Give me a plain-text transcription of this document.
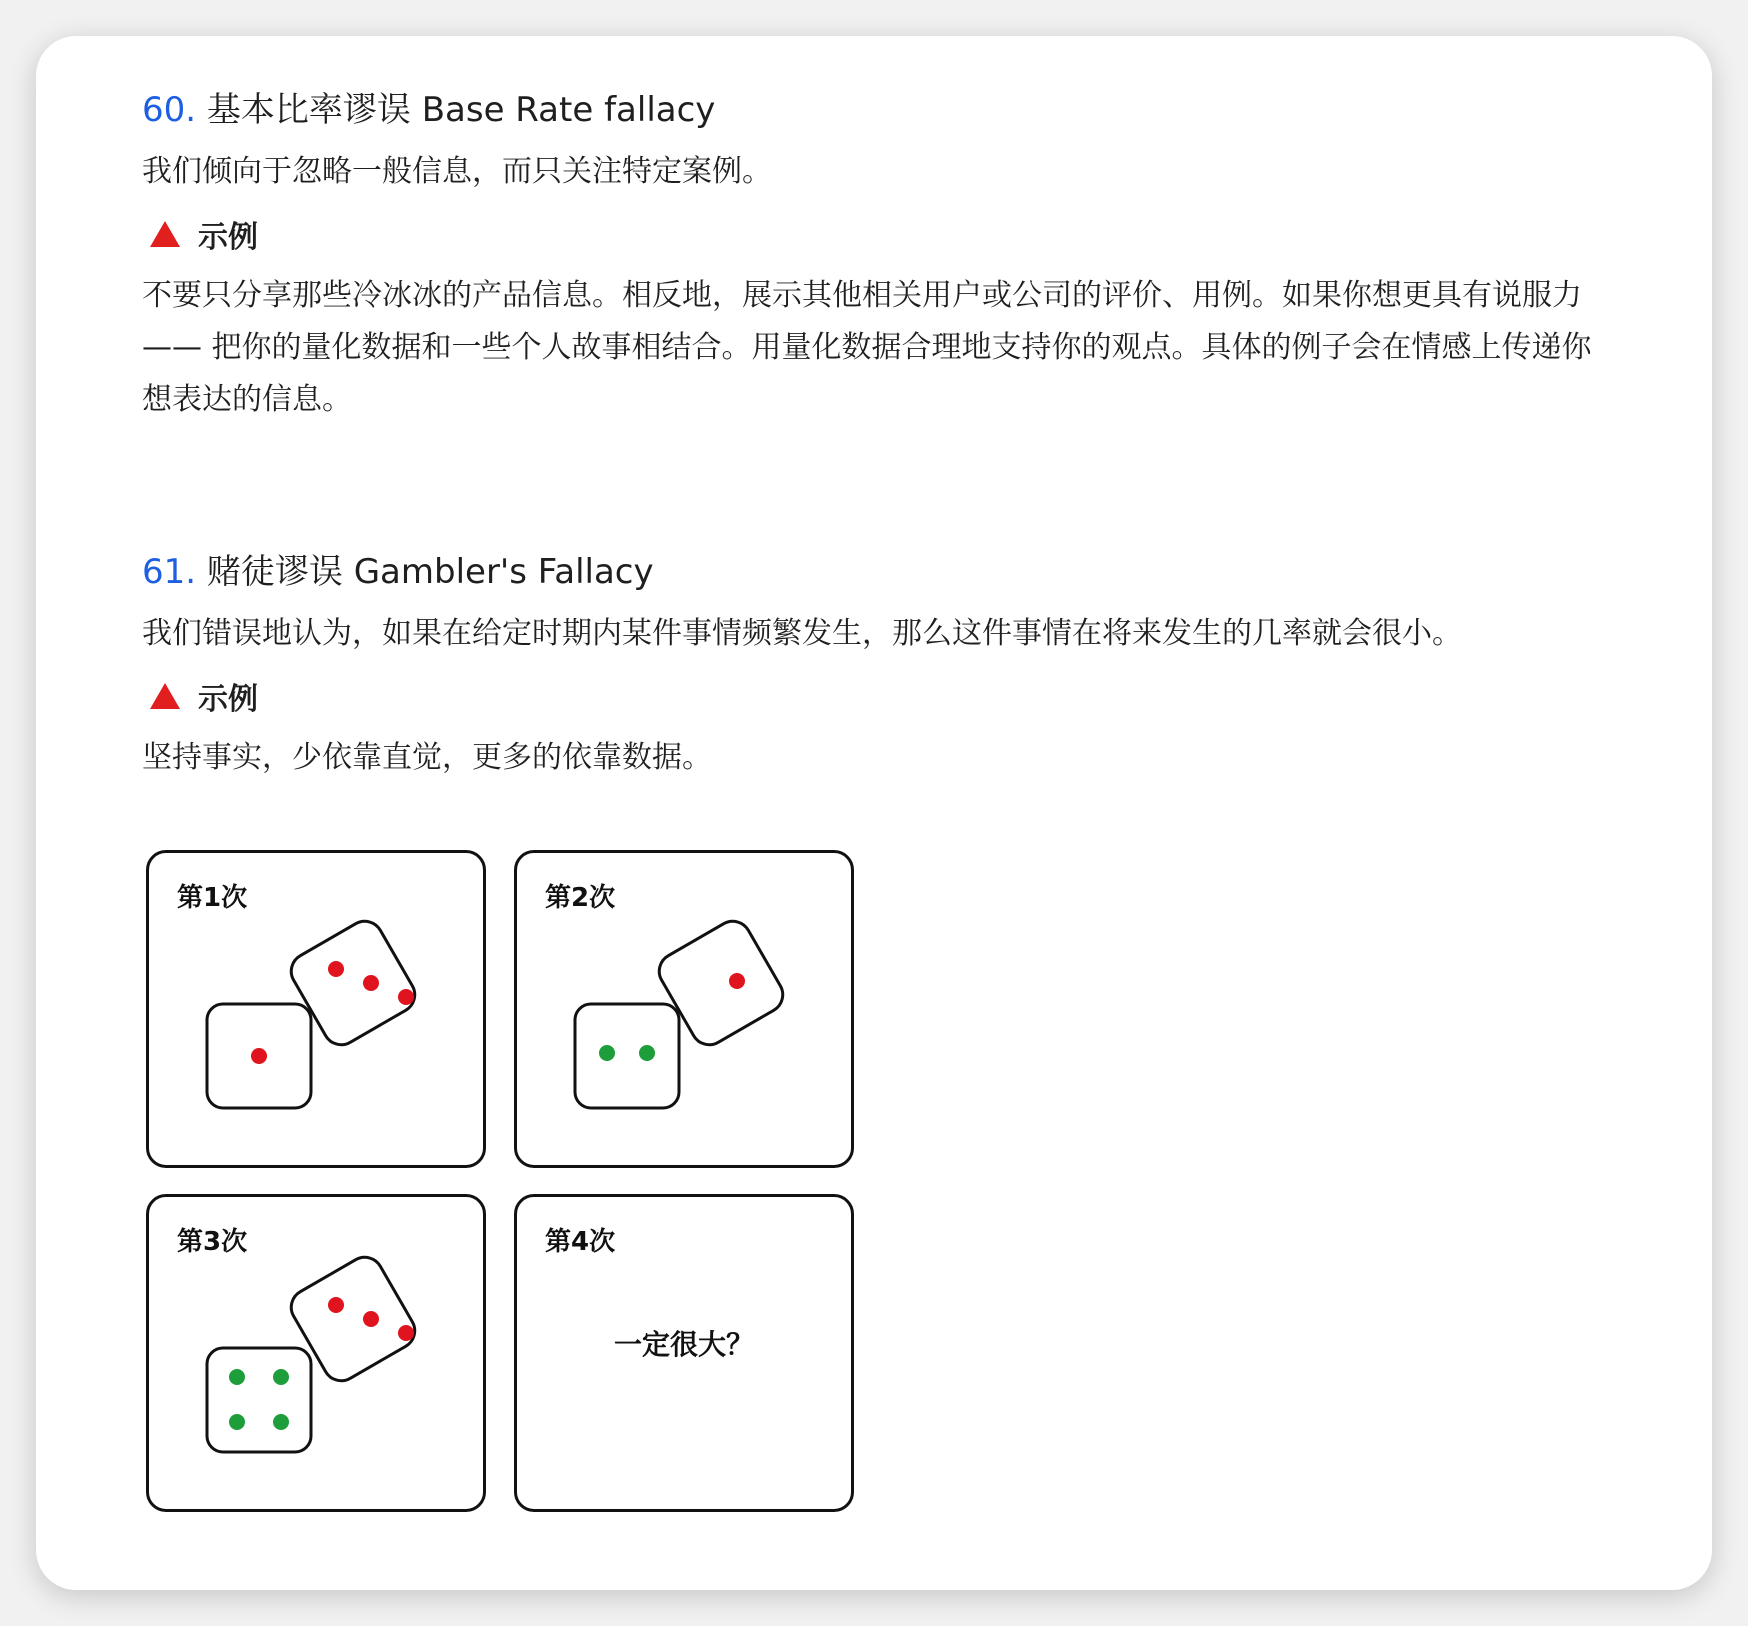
60. 基本比率谬误 Base Rate fallacy

我们倾向于忽略一般信息，而只关注特定案例。

示例

不要只分享那些冷冰冰的产品信息。相反地，展示其他相关用户或公司的评价、用例。如果你想更具有说服力 —— 把你的量化数据和一些个人故事相结合。用量化数据合理地支持你的观点。具体的例子会在情感上传递你想表达的信息。

61. 赌徒谬误 Gambler's Fallacy

我们错误地认为，如果在给定时期内某件事情频繁发生，那么这件事情在将来发生的几率就会很小。

示例

坚持事实，少依靠直觉，更多的依靠数据。

第1次	第2次
第3次	第4次
一定很大？
